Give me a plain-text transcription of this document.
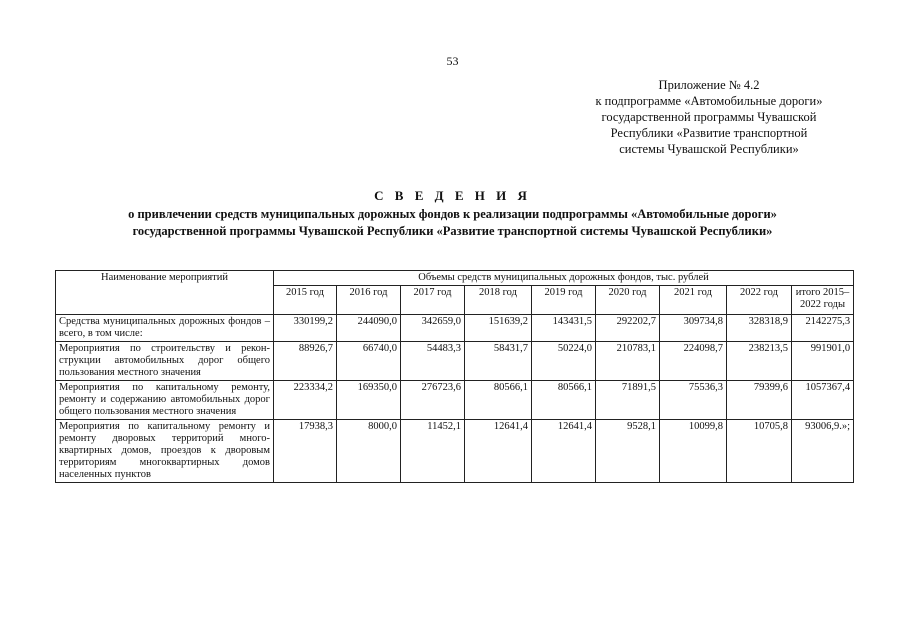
53
Приложение № 4.2
к подпрограмме «Автомобильные дороги»
государственной программы Чувашской
Республики «Развитие транспортной
системы Чувашской Республики»
С В Е Д Е Н И Я
о привлечении средств муниципальных дорожных фондов к реализации подпрограммы «Автомобильные дороги»
государственной программы Чувашской Республики «Развитие транспортной системы Чувашской Республики»
Наименование мероприятий	Объемы средств муниципальных дорожных фондов, тыс. рублей								
	2015 год	2016 год	2017 год	2018 год	2019 год	2020 год	2021 год	2022 год	итого 2015–2022 годы
Средства муниципальных дорожных фондов – всего, в том числе:	330199,2	244090,0	342659,0	151639,2	143431,5	292202,7	309734,8	328318,9	2142275,3
Мероприятия по строительству и реконструкции автомобильных дорог общего пользования местного значения	88926,7	66740,0	54483,3	58431,7	50224,0	210783,1	224098,7	238213,5	991901,0
Мероприятия по капитальному ремонту, ремонту и содержанию автомобильных дорог общего пользования местного значения	223334,2	169350,0	276723,6	80566,1	80566,1	71891,5	75536,3	79399,6	1057367,4
Мероприятия по капитальному ремонту и ремонту дворовых территорий многоквартирных домов, проездов к дворовым территориям многоквартирных домов населенных пунктов	17938,3	8000,0	11452,1	12641,4	12641,4	9528,1	10099,8	10705,8	93006,9.»;
